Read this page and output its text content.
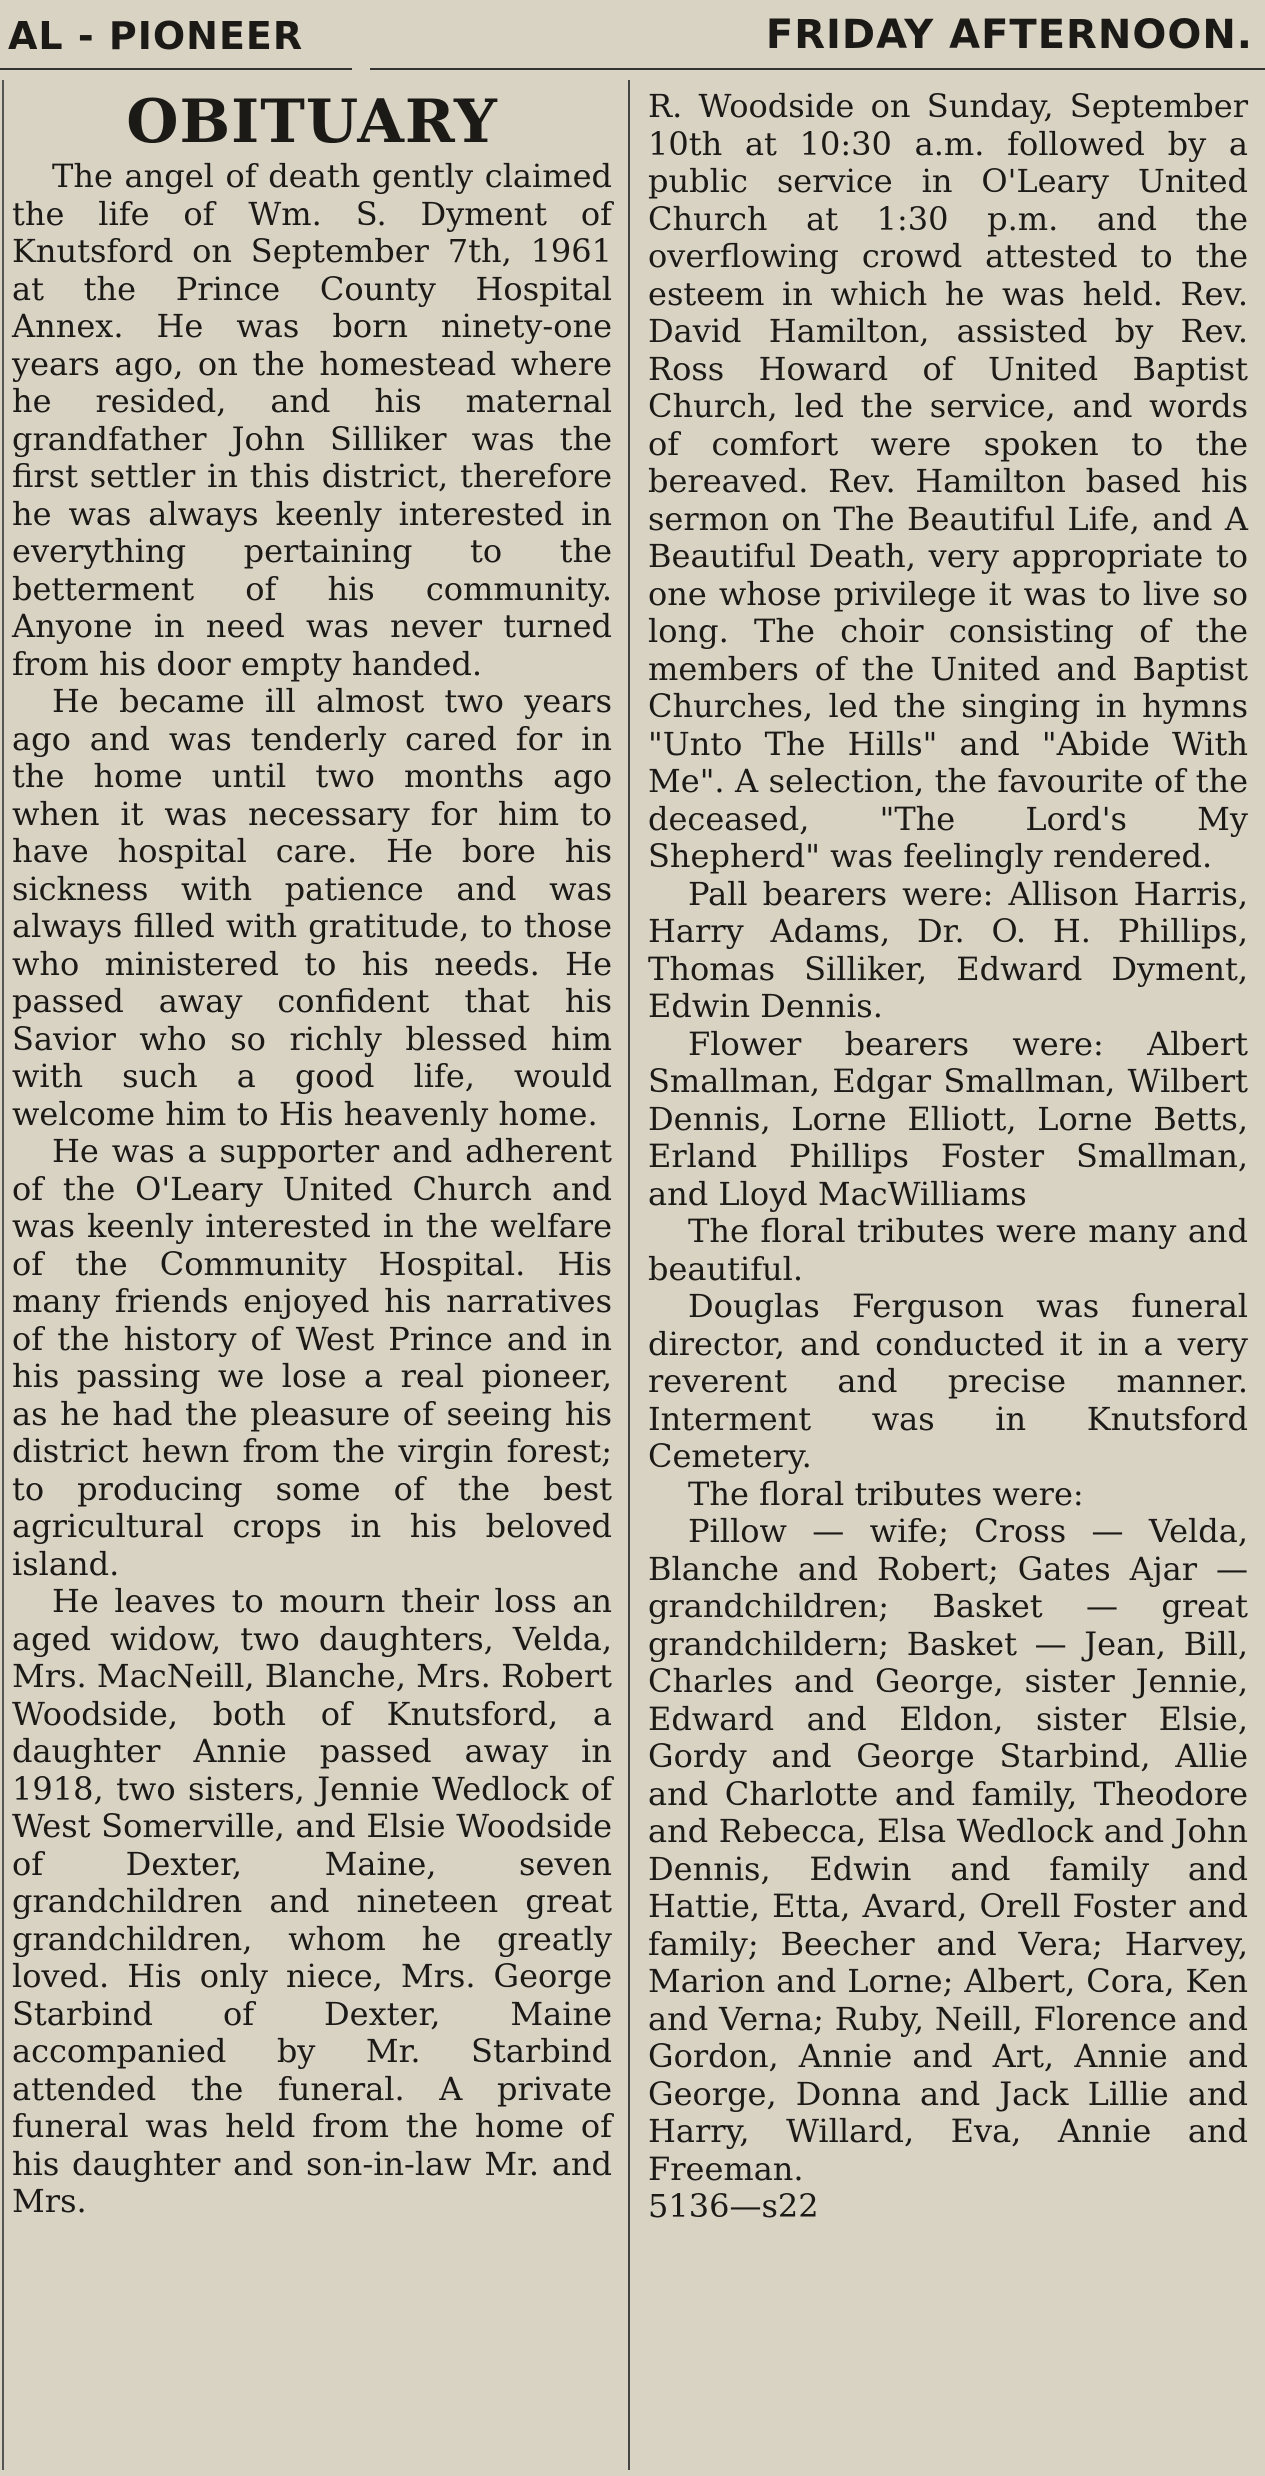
AL - PIONEER	FRIDAY AFTERNOON.
OBITUARY

The angel of death gently claimed the life of Wm. S. Dyment of Knutsford on September 7th, 1961 at the Prince County Hospital Annex. He was born ninety-one years ago, on the homestead where he resided, and his maternal grandfather John Silliker was the first settler in this district, therefore he was always keenly interested in everything pertaining to the betterment of his community. Anyone in need was never turned from his door empty handed.

He became ill almost two years ago and was tenderly cared for in the home until two months ago when it was necessary for him to have hospital care. He bore his sickness with patience and was always filled with gratitude, to those who ministered to his needs. He passed away confident that his Savior who so richly blessed him with such a good life, would welcome him to His heavenly home.

He was a supporter and adherent of the O'Leary United Church and was keenly interested in the welfare of the Community Hospital. His many friends enjoyed his narratives of the history of West Prince and in his passing we lose a real pioneer, as he had the pleasure of seeing his district hewn from the virgin forest; to producing some of the best agricultural crops in his beloved island.

He leaves to mourn their loss an aged widow, two daughters, Velda, Mrs. MacNeill, Blanche, Mrs. Robert Woodside, both of Knutsford, a daughter Annie passed away in 1918, two sisters, Jennie Wedlock of West Somerville, and Elsie Woodside of Dexter, Maine, seven grandchildren and nineteen great grandchildren, whom he greatly loved. His only niece, Mrs. George Starbind of Dexter, Maine accompanied by Mr. Starbind attended the funeral. A private funeral was held from the home of his daughter and son-in-law Mr. and Mrs.

R. Woodside on Sunday, September 10th at 10:30 a.m. followed by a public service in O'Leary United Church at 1:30 p.m. and the overflowing crowd attested to the esteem in which he was held. Rev. David Hamilton, assisted by Rev. Ross Howard of United Baptist Church, led the service, and words of comfort were spoken to the bereaved. Rev. Hamilton based his sermon on The Beautiful Life, and A Beautiful Death, very appropriate to one whose privilege it was to live so long. The choir consisting of the members of the United and Baptist Churches, led the singing in hymns "Unto The Hills" and "Abide With Me". A selection, the favourite of the deceased, "The Lord's My Shepherd" was feelingly rendered.

Pall bearers were: Allison Harris, Harry Adams, Dr. O. H. Phillips, Thomas Silliker, Edward Dyment, Edwin Dennis.

Flower bearers were: Albert Smallman, Edgar Smallman, Wilbert Dennis, Lorne Elliott, Lorne Betts, Erland Phillips Foster Smallman, and Lloyd MacWilliams

The floral tributes were many and beautiful.

Douglas Ferguson was funeral director, and conducted it in a very reverent and precise manner. Interment was in Knutsford Cemetery.

The floral tributes were:

Pillow — wife; Cross — Velda, Blanche and Robert; Gates Ajar — grandchildren; Basket — great grandchildern; Basket — Jean, Bill, Charles and George, sister Jennie, Edward and Eldon, sister Elsie, Gordy and George Starbind, Allie and Charlotte and family, Theodore and Rebecca, Elsa Wedlock and John Dennis, Edwin and family and Hattie, Etta, Avard, Orell Foster and family; Beecher and Vera; Harvey, Marion and Lorne; Albert, Cora, Ken and Verna; Ruby, Neill, Florence and Gordon, Annie and Art, Annie and George, Donna and Jack Lillie and Harry, Willard, Eva, Annie and Freeman.

5136—s22
